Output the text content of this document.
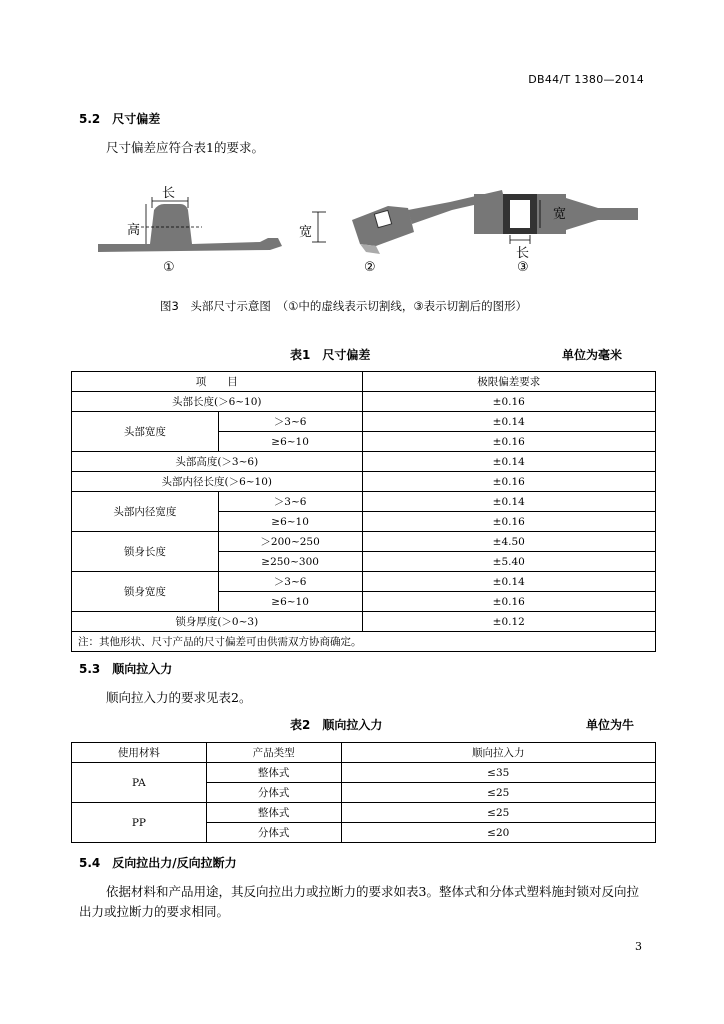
DB44/T 1380—2014
5.2　尺寸偏差
尺寸偏差应符合表1的要求。
长
高	宽
宽
长
①	②	③
图3　头部尺寸示意图　（①中的虚线表示切割线，③表示切割后的图形）
表1　尺寸偏差	单位为毫米
项　　目		极限偏差要求
头部长度(＞6~10)		±0.16
头部宽度	＞3~6	±0.14
	≥6~10	±0.16
头部高度(＞3~6)		±0.14
头部内径长度(＞6~10)		±0.16
头部内径宽度	＞3~6	±0.14
	≥6~10	±0.16
锁身长度	＞200~250	±4.50
	≥250~300	±5.40
锁身宽度	＞3~6	±0.14
	≥6~10	±0.16
锁身厚度(＞0~3)		±0.12
注：其他形状、尺寸产品的尺寸偏差可由供需双方协商确定。		
5.3　顺向拉入力
顺向拉入力的要求见表2。
表2　顺向拉入力	单位为牛
使用材料	产品类型	顺向拉入力
PA	整体式	≤35
	分体式	≤25
PP	整体式	≤25
	分体式	≤20
5.4　反向拉出力/反向拉断力
依据材料和产品用途，其反向拉出力或拉断力的要求如表3。整体式和分体式塑料施封锁对反向拉
出力或拉断力的要求相同。
3
